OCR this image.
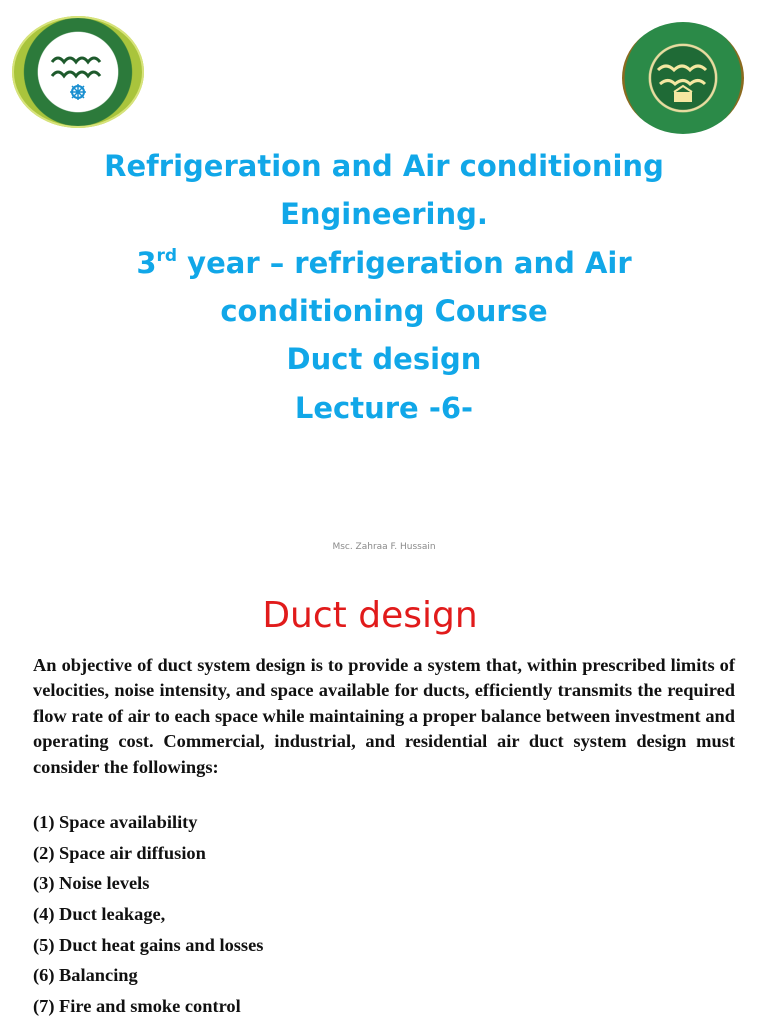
Refrigeration and Air conditioning
Engineering.
3rd year – refrigeration and Air
conditioning Course
Duct design
Lecture -6-
Msc. Zahraa F. Hussain
Duct design

An objective of duct system design is to provide a system that, within prescribed limits of velocities, noise intensity, and space available for ducts, efficiently transmits the required flow rate of air to each space while maintaining a proper balance between investment and operating cost. Commercial, industrial, and residential air duct system design must consider the followings:

(1) Space availability
(2) Space air diffusion
(3) Noise levels
(4) Duct leakage,
(5) Duct heat gains and losses
(6) Balancing
(7) Fire and smoke control
